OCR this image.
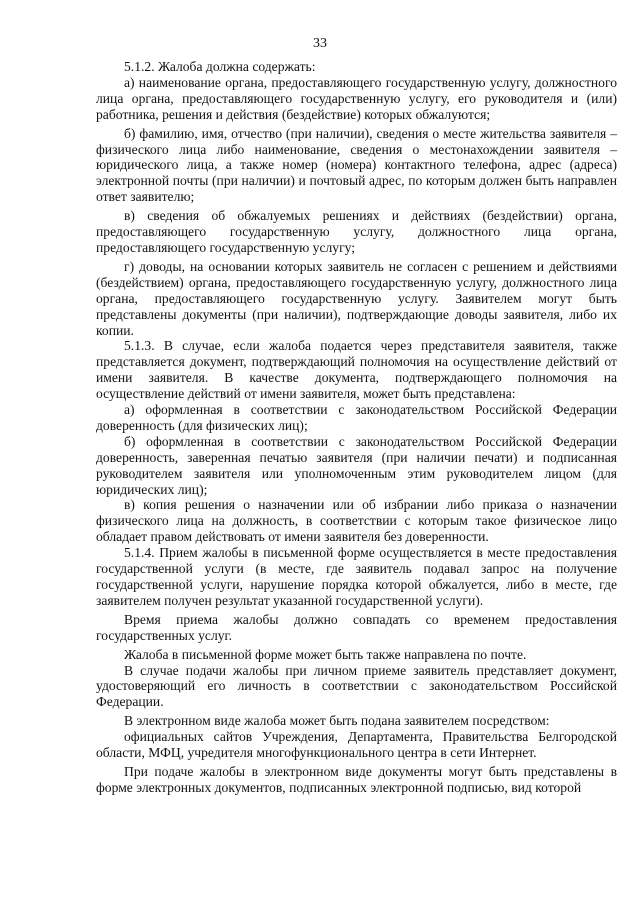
33

5.1.2. Жалоба должна содержать:

а) наименование органа, предоставляющего государственную услугу, должностного лица органа, предоставляющего государственную услугу, его руководителя и (или) работника, решения и действия (бездействие) которых обжалуются;

б) фамилию, имя, отчество (при наличии), сведения о месте жительства заявителя – физического лица либо наименование, сведения о местонахождении заявителя – юридического лица, а также номер (номера) контактного телефона, адрес (адреса) электронной почты (при наличии) и почтовый адрес, по которым должен быть направлен ответ заявителю;

в) сведения об обжалуемых решениях и действиях (бездействии) органа, предоставляющего государственную услугу, должностного лица органа, предоставляющего государственную услугу;

г) доводы, на основании которых заявитель не согласен с решением и действиями (бездействием) органа, предоставляющего государственную услугу, должностного лица органа, предоставляющего государственную услугу. Заявителем могут быть представлены документы (при наличии), подтверждающие доводы заявителя, либо их копии.

5.1.3. В случае, если жалоба подается через представителя заявителя, также представляется документ, подтверждающий полномочия на осуществление действий от имени заявителя. В качестве документа, подтверждающего полномочия на осуществление действий от имени заявителя, может быть представлена:

а) оформленная в соответствии с законодательством Российской Федерации доверенность (для физических лиц);

б) оформленная в соответствии с законодательством Российской Федерации доверенность, заверенная печатью заявителя (при наличии печати) и подписанная руководителем заявителя или уполномоченным этим руководителем лицом (для юридических лиц);

в) копия решения о назначении или об избрании либо приказа о назначении физического лица на должность, в соответствии с которым такое физическое лицо обладает правом действовать от имени заявителя без доверенности.

5.1.4. Прием жалобы в письменной форме осуществляется в месте предоставления государственной услуги (в месте, где заявитель подавал запрос на получение государственной услуги, нарушение порядка которой обжалуется, либо в месте, где заявителем получен результат указанной государственной услуги).

Время приема жалобы должно совпадать со временем предоставления государственных услуг.

Жалоба в письменной форме может быть также направлена по почте.

В случае подачи жалобы при личном приеме заявитель представляет документ, удостоверяющий его личность в соответствии с законодательством Российской Федерации.

В электронном виде жалоба может быть подана заявителем посредством:

официальных сайтов Учреждения, Департамента, Правительства Белгородской области, МФЦ, учредителя многофункционального центра в сети Интернет.

При подаче жалобы в электронном виде документы могут быть представлены в форме электронных документов, подписанных электронной подписью, вид которой
